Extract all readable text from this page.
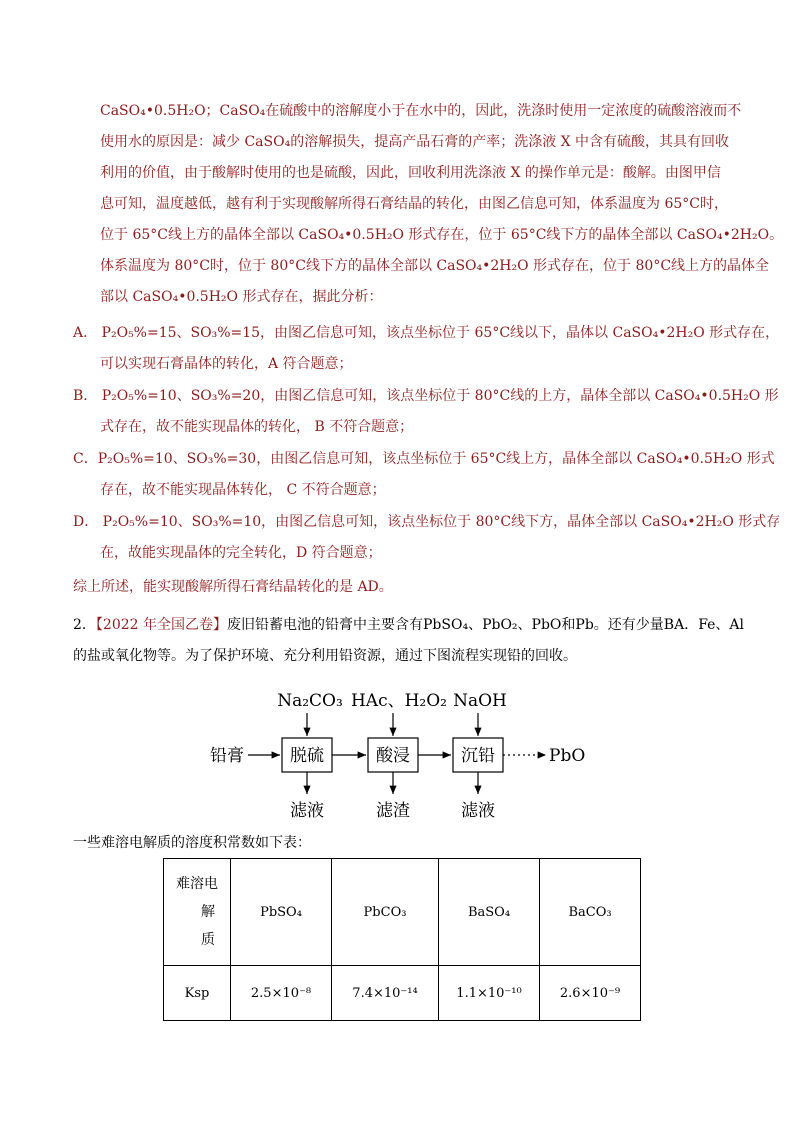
CaSO₄•0.5H₂O；CaSO₄在硫酸中的溶解度小于在水中的，因此，洗涤时使用一定浓度的硫酸溶液而不
使用水的原因是：减少 CaSO₄的溶解损失，提高产品石膏的产率；洗涤液 X 中含有硫酸，其具有回收
利用的价值，由于酸解时使用的也是硫酸，因此，回收利用洗涤液 X 的操作单元是：酸解。由图甲信
息可知，温度越低，越有利于实现酸解所得石膏结晶的转化，由图乙信息可知，体系温度为 65°C时，
位于 65°C线上方的晶体全部以 CaSO₄•0.5H₂O 形式存在，位于 65°C线下方的晶体全部以 CaSO₄•2H₂O。
体系温度为 80°C时，位于 80°C线下方的晶体全部以 CaSO₄•2H₂O 形式存在，位于 80°C线上方的晶体全
部以 CaSO₄•0.5H₂O 形式存在，据此分析：
A． P₂O₅%=15、SO₃%=15，由图乙信息可知，该点坐标位于 65°C线以下，晶体以 CaSO₄•2H₂O 形式存在，
可以实现石膏晶体的转化，A 符合题意；
B． P₂O₅%=10、SO₃%=20，由图乙信息可知，该点坐标位于 80°C线的上方，晶体全部以 CaSO₄•0.5H₂O 形
式存在，故不能实现晶体的转化， B 不符合题意；
C．P₂O₅%=10、SO₃%=30，由图乙信息可知，该点坐标位于 65°C线上方，晶体全部以 CaSO₄•0.5H₂O 形式
存在，故不能实现晶体转化， C 不符合题意；
D． P₂O₅%=10、SO₃%=10，由图乙信息可知，该点坐标位于 80°C线下方，晶体全部以 CaSO₄•2H₂O 形式存
在，故能实现晶体的完全转化，D 符合题意；
综上所述，能实现酸解所得石膏结晶转化的是 AD。
2．【2022 年全国乙卷】废旧铅蓄电池的铅膏中主要含有PbSO₄、PbO₂、PbO和Pb。还有少量BA．Fe、Al
的盐或氧化物等。为了保护环境、充分利用铅资源，通过下图流程实现铅的回收。
Na₂CO₃ HAc、H₂O₂ NaOH
铅膏	脱硫	酸浸	沉铅	PbO
滤液	滤渣	滤液
一些难溶电解质的溶度积常数如下表：
难溶电
解
质	PbSO₄	PbCO₃	BaSO₄	BaCO₃
Ksp	2.5×10⁻⁸	7.4×10⁻¹⁴	1.1×10⁻¹⁰	2.6×10⁻⁹
